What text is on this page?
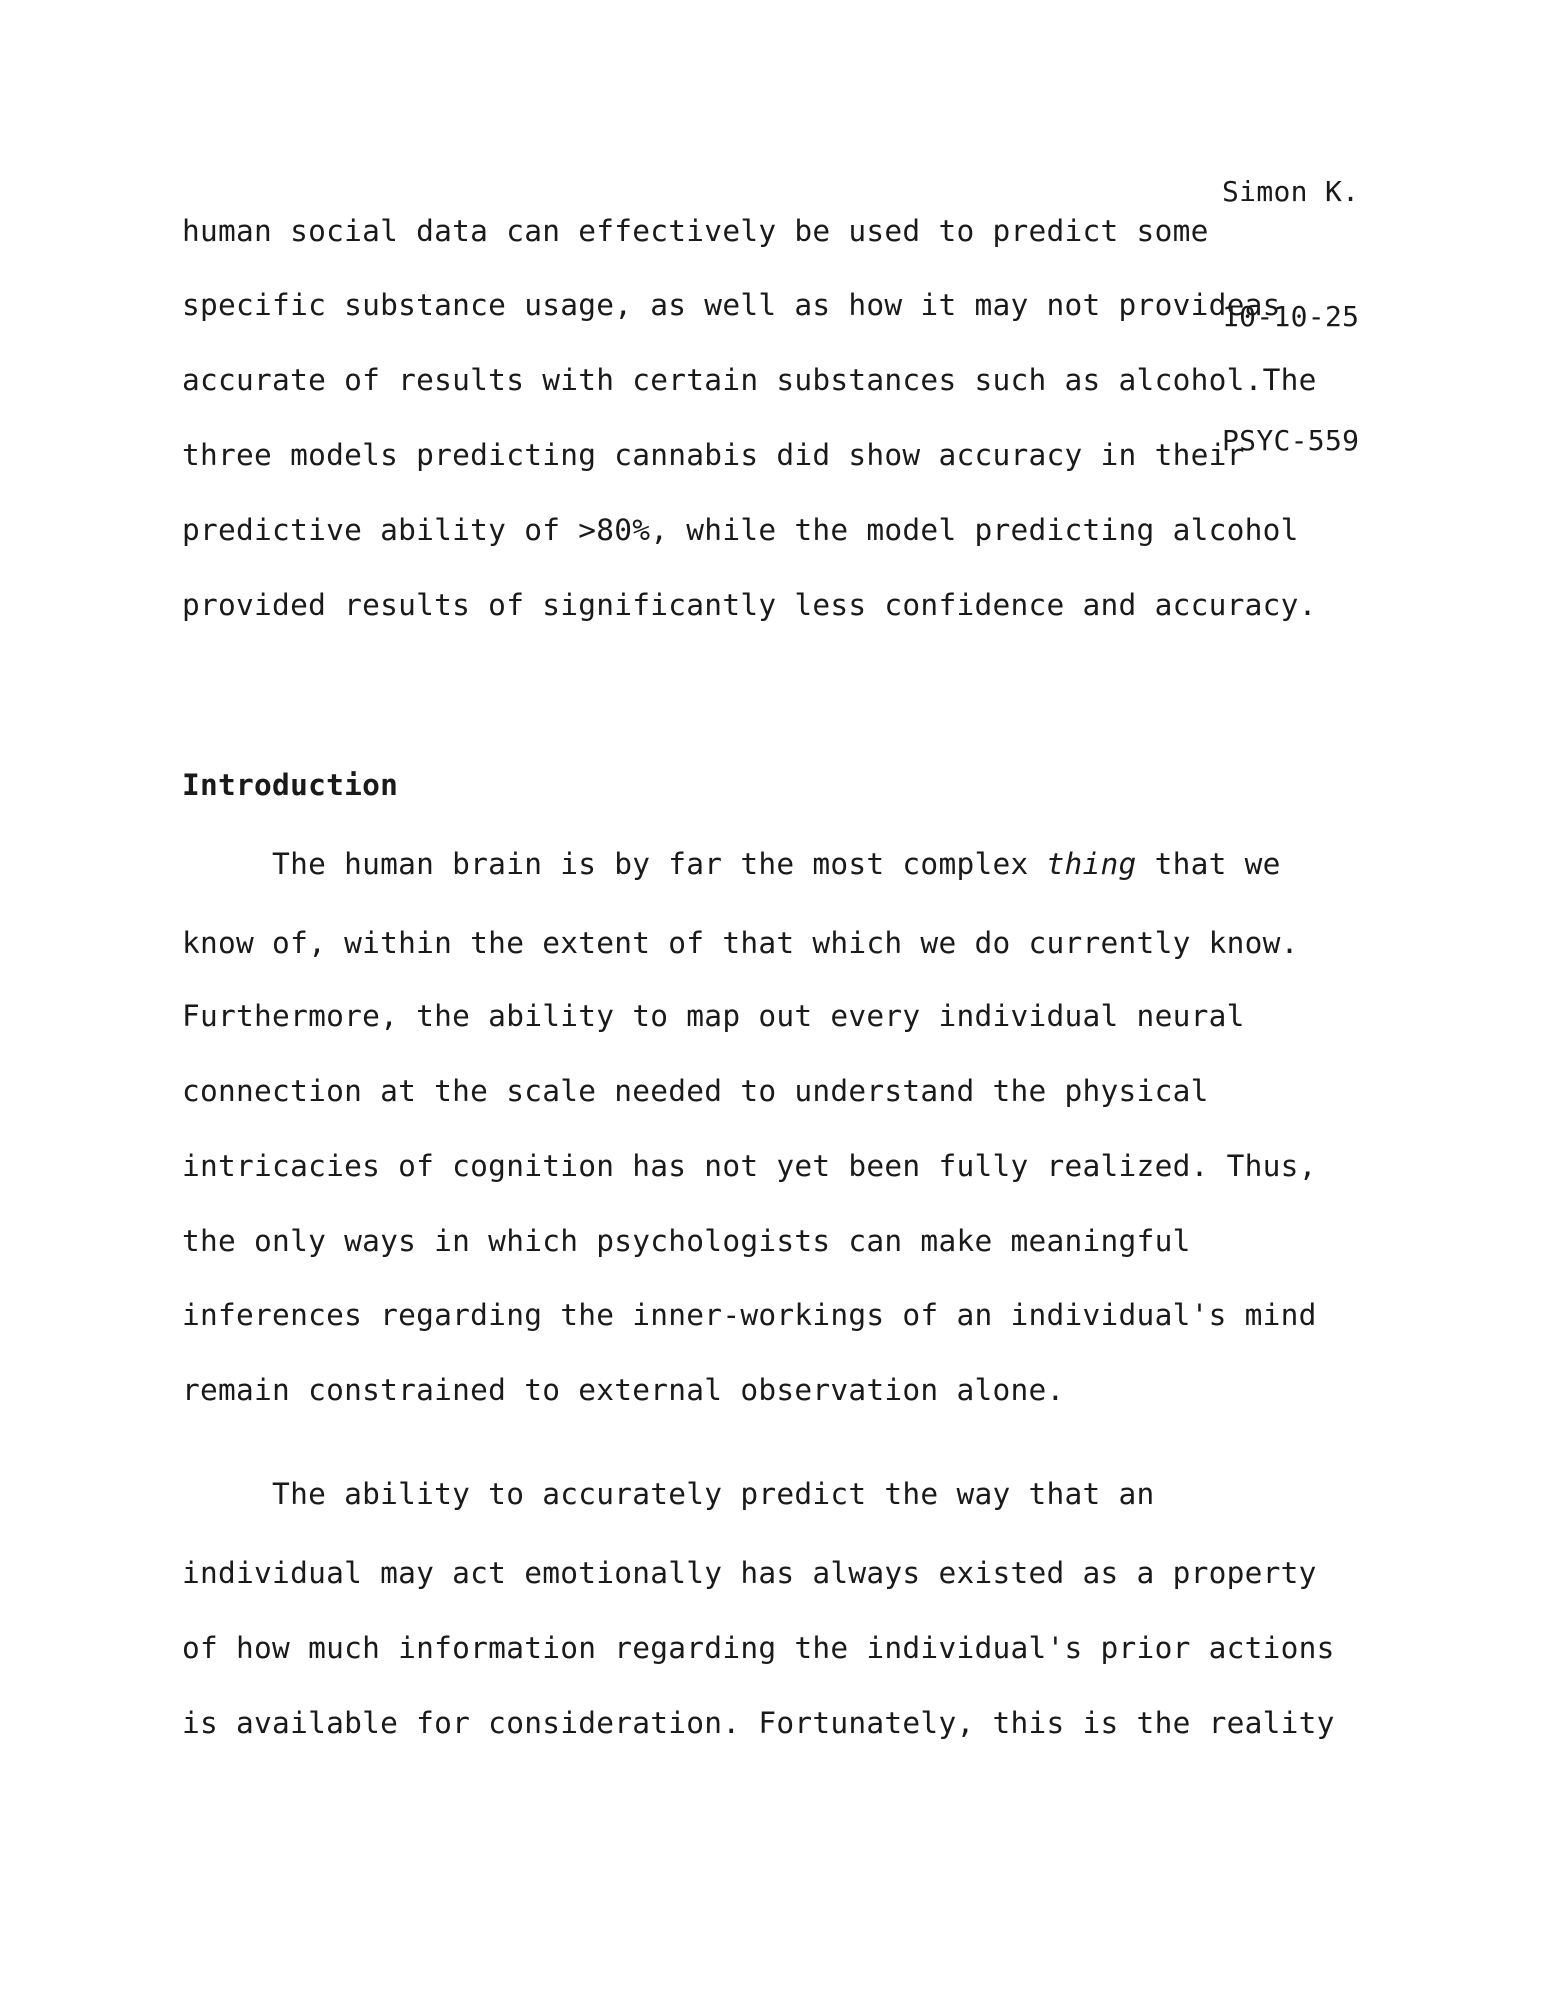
Simon K.

10-10-25

PSYC-559

human social data can effectively be used to predict some
specific substance usage, as well as how it may not provideas
accurate of results with certain substances such as alcohol.The
three models predicting cannabis did show accuracy in their
predictive ability of >80%, while the model predicting alcohol
provided results of significantly less confidence and accuracy.
Introduction
The human brain is by far the most complex thing that we
know of, within the extent of that which we do currently know.
Furthermore, the ability to map out every individual neural
connection at the scale needed to understand the physical
intricacies of cognition has not yet been fully realized. Thus,
the only ways in which psychologists can make meaningful
inferences regarding the inner-workings of an individual's mind
remain constrained to external observation alone.
The ability to accurately predict the way that an
individual may act emotionally has always existed as a property
of how much information regarding the individual's prior actions
is available for consideration. Fortunately, this is the reality
